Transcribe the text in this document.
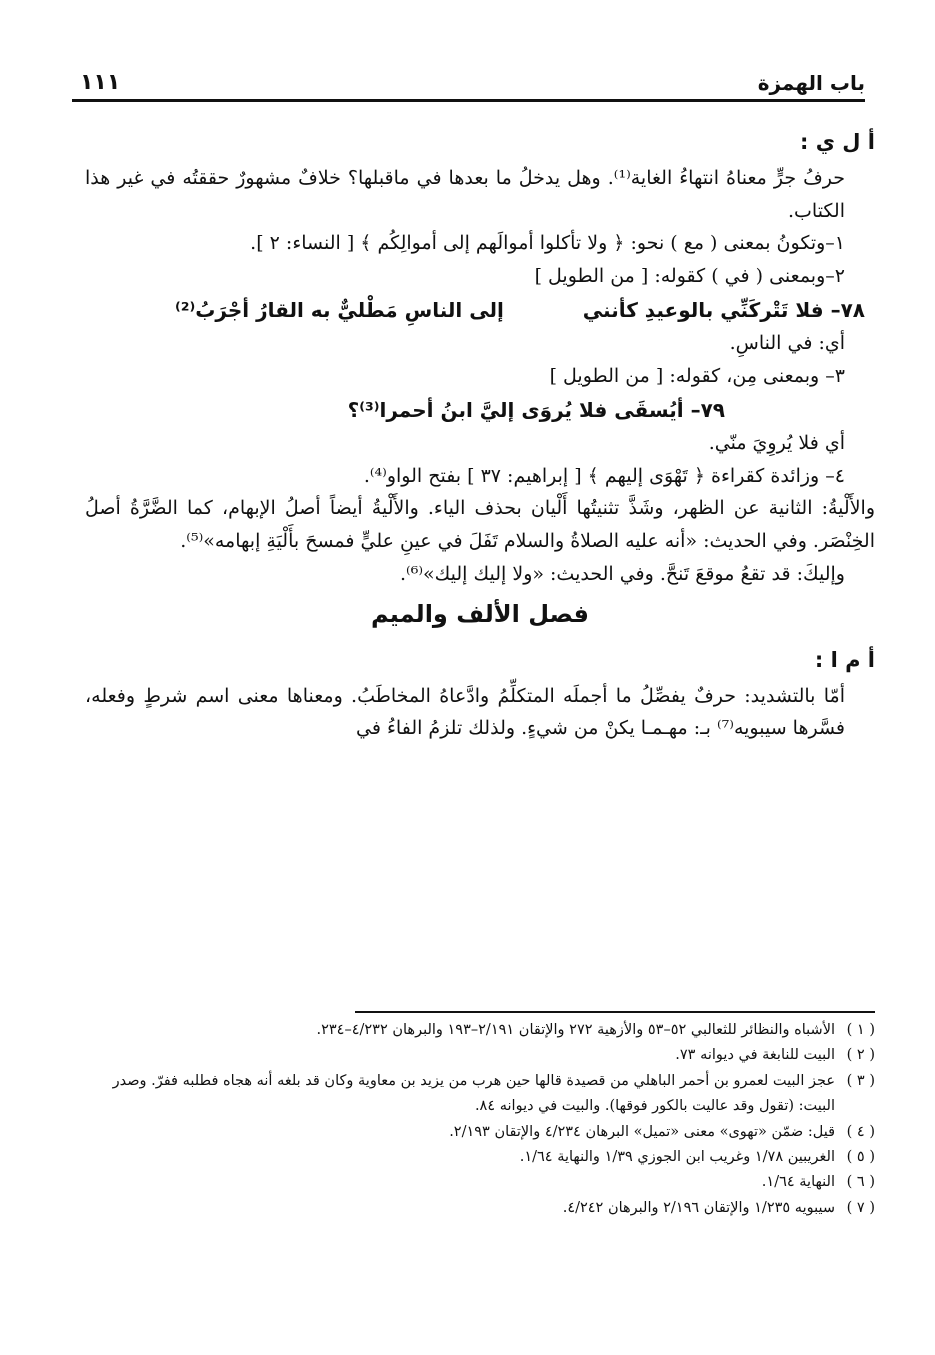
باب الهمزة
١١١
أ ل ي :

حرفُ جرٍّ معناهُ انتهاءُ الغاية⁽¹⁾. وهل يدخلُ ما بعدها في ماقبلها؟ خلافٌ مشهورٌ حققتُه في غير هذا الكتاب.

١–وتكونُ بمعنى ( مع ) نحو: ﴿ ولا تأكلوا أموالَهم إلى أموالِكُم ﴾ [ النساء: ٢ ].

٢–وبمعنى ( في ) كقوله: [ من الطويل ]

٧٨– فلا تَتْركَنِّي بالوعيدِ كأنني
إلى الناسِ مَطْليٌّ به القارُ أجْرَبُ⁽²⁾

أي: في الناسِ.

٣– وبمعنى مِن، كقوله: [ من الطويل ]

٧٩– أيُسقَى فلا يُروَى إليَّ ابنُ أحمرا⁽³⁾؟

أي فلا يُروِيَ منّي.

٤– وزائدة كقراءة ﴿ تَهْوَى إليهم ﴾ [ إبراهيم: ٣٧ ] بفتح الواو⁽⁴⁾.

والأَلْيةُ: الثانية عن الظهر، وشَذَّ تثنيتُها أَلْيان بحذف الياء. والأَلْيةُ أيضاً أصلُ الإبهام، كما الضَّرَّةُ أصلُ الخِنْصَر. وفي الحديث: «أنه عليه الصلاةُ والسلام تَفَلَ في عينِ عليٍّ فمسحَ بأَلْيَةِ إبهامه»⁽⁵⁾.

وإليكَ: قد تقعُ موقعَ تَنحَّ. وفي الحديث: «ولا إليك إليك»⁽⁶⁾.

فصل الألف والميم
أ م ا :

أمّا بالتشديد: حرفٌ يفصِّلُ ما أجملَه المتكلِّمُ وادَّعاهُ المخاطَبُ. ومعناها معنى اسم شرطٍ وفعله، فسَّرها سيبويه⁽⁷⁾ بـ: مهـمـا يكنْ من شيءٍ. ولذلك تلزمُ الفاءُ في

( ١ )
الأشباه والنظائر للثعالبي ٥٢–٥٣ والأزهية ٢٧٢ والإتقان ٢/١٩١–١٩٣ والبرهان ٤/٢٣٢–٢٣٤.
( ٢ )
البيت للنابغة في ديوانه ٧٣.
( ٣ )
عجز البيت لعمرو بن أحمر الباهلي من قصيدة قالها حين هرب من يزيد بن معاوية وكان قد بلغه أنه هجاه فطلبه ففرّ. وصدر البيت: (تقول وقد عاليت بالكور فوقها). والبيت في ديوانه ٨٤.
( ٤ )
قيل: ضمّن «تهوى» معنى «تميل» البرهان ٤/٢٣٤ والإتقان ٢/١٩٣.
( ٥ )
الغريبين ١/٧٨ وغريب ابن الجوزي ١/٣٩ والنهاية ١/٦٤.
( ٦ )
النهاية ١/٦٤.
( ٧ )
سيبويه ١/٢٣٥ والإتقان ٢/١٩٦ والبرهان ٤/٢٤٢.
